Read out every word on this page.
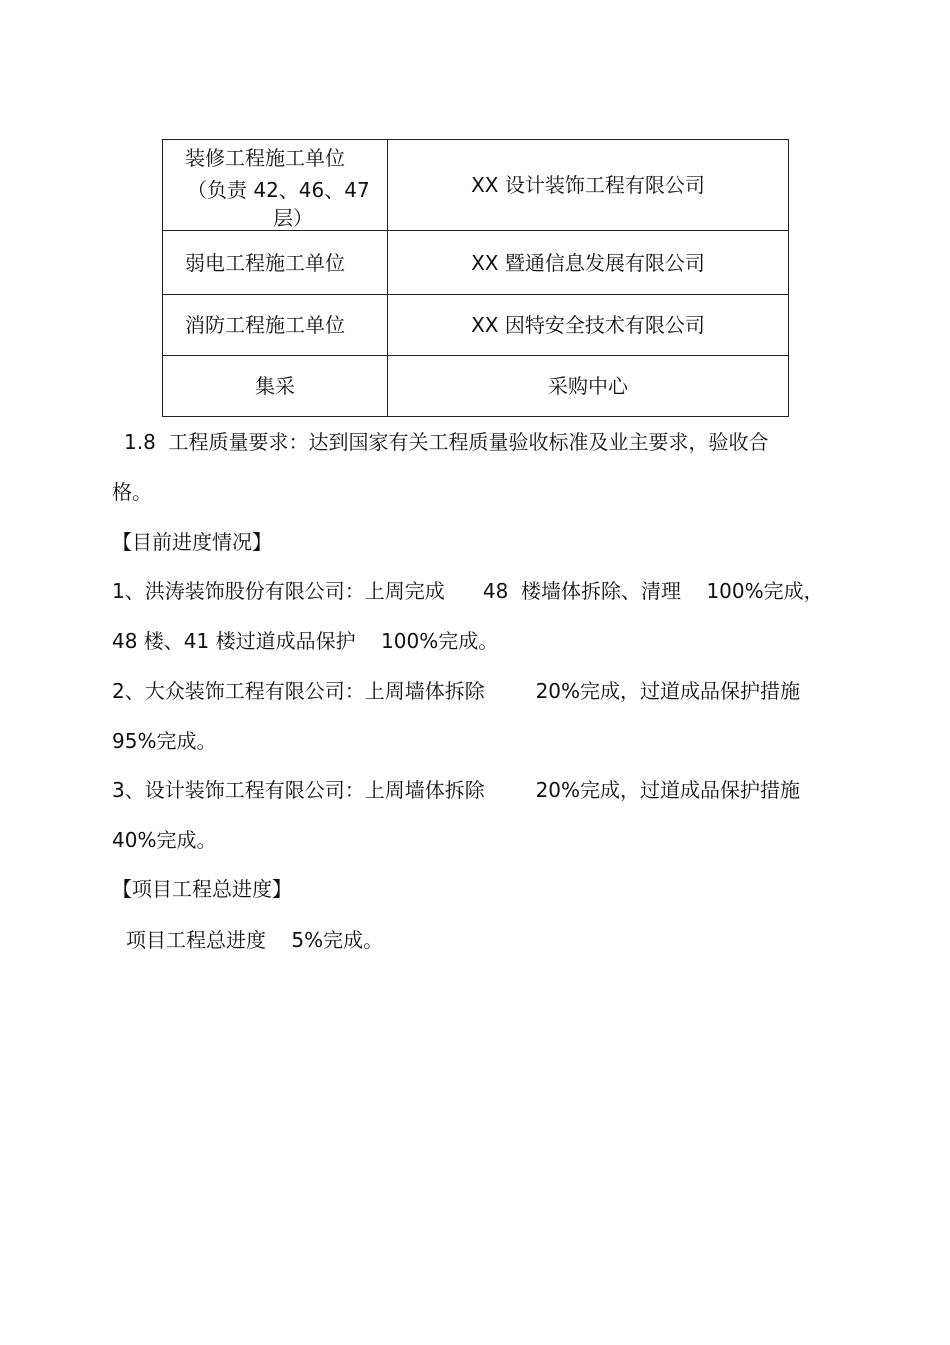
装修工程施工单位
（负责 42、46、47
层）	XX 设计装饰工程有限公司

弱电工程施工单位	XX 暨通信息发展有限公司

消防工程施工单位	XX 因特安全技术有限公司

集采	采购中心
1.8  工程质量要求：达到国家有关工程质量验收标准及业主要求，验收合
格。
【目前进度情况】
1、洪涛装饰股份有限公司：上周完成      48  楼墙体拆除、清理    100%完成，
48 楼、41 楼过道成品保护    100%完成。
2、大众装饰工程有限公司：上周墙体拆除        20%完成，过道成品保护措施
95%完成。
3、设计装饰工程有限公司：上周墙体拆除        20%完成，过道成品保护措施
40%完成。
【项目工程总进度】
项目工程总进度    5%完成。
